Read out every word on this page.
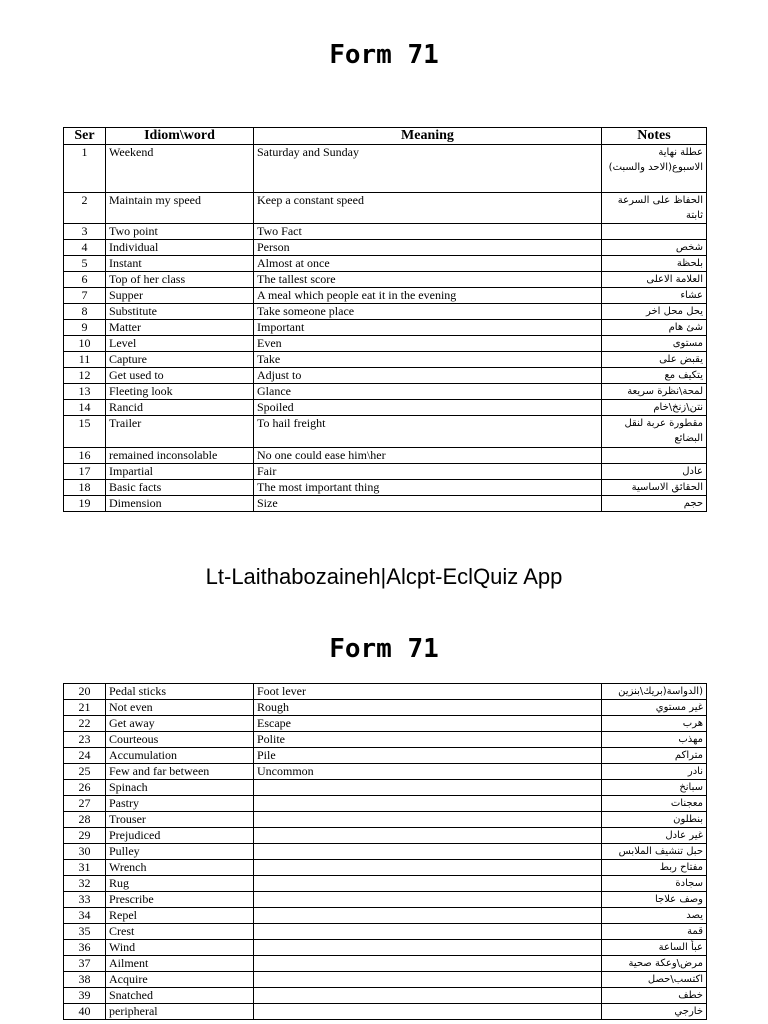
Form 71
Ser	Idiom\word	Meaning	Notes
1	Weekend	Saturday and Sunday	عطلة نهاية الاسبوع(الاحد والسبت)
2	Maintain my speed	Keep a constant speed	الحفاظ على السرعة ثابتة
3	Two point	Two Fact	
4	Individual	Person	شخص
5	Instant	Almost at once	بلحظة
6	Top of her class	The tallest score	العلامة الاعلى
7	Supper	A meal which people eat it in the evening	عشاء
8	Substitute	Take someone place	يحل محل اخر
9	Matter	Important	شئ هام
10	Level	Even	مستوى
11	Capture	Take	يقبض على
12	Get used to	Adjust to	يتكيف مع
13	Fleeting look	Glance	لمحة\نظرة سريعة
14	Rancid	Spoiled	نتن\زنخ\خام
15	Trailer	To hail freight	مقطورة عربة لنقل البضائع
16	remained inconsolable	No one could ease him\her	
17	Impartial	Fair	عادل
18	Basic facts	The most important thing	الحقائق الاساسية
19	Dimension	Size	حجم
Lt-Laithabozaineh|Alcpt-EclQuiz App
Form 71
20	Pedal sticks	Foot lever	(الدواسة(بريك\بنزين
21	Not even	Rough	غير مستوي
22	Get away	Escape	هرب
23	Courteous	Polite	مهذب
24	Accumulation	Pile	متراكم
25	Few and far between	Uncommon	نادر
26	Spinach		سبانخ
27	Pastry		معجنات
28	Trouser		بنطلون
29	Prejudiced		غير عادل
30	Pulley		حبل تنشيف الملابس
31	Wrench		مفتاح ربط
32	Rug		سجادة
33	Prescribe		وصف علاجا
34	Repel		يصد
35	Crest		قمة
36	Wind		عبأ الساعة
37	Ailment		مرض\وعكة صحية
38	Acquire		اكتسب\حصل
39	Snatched		خطف
40	peripheral		خارجي
